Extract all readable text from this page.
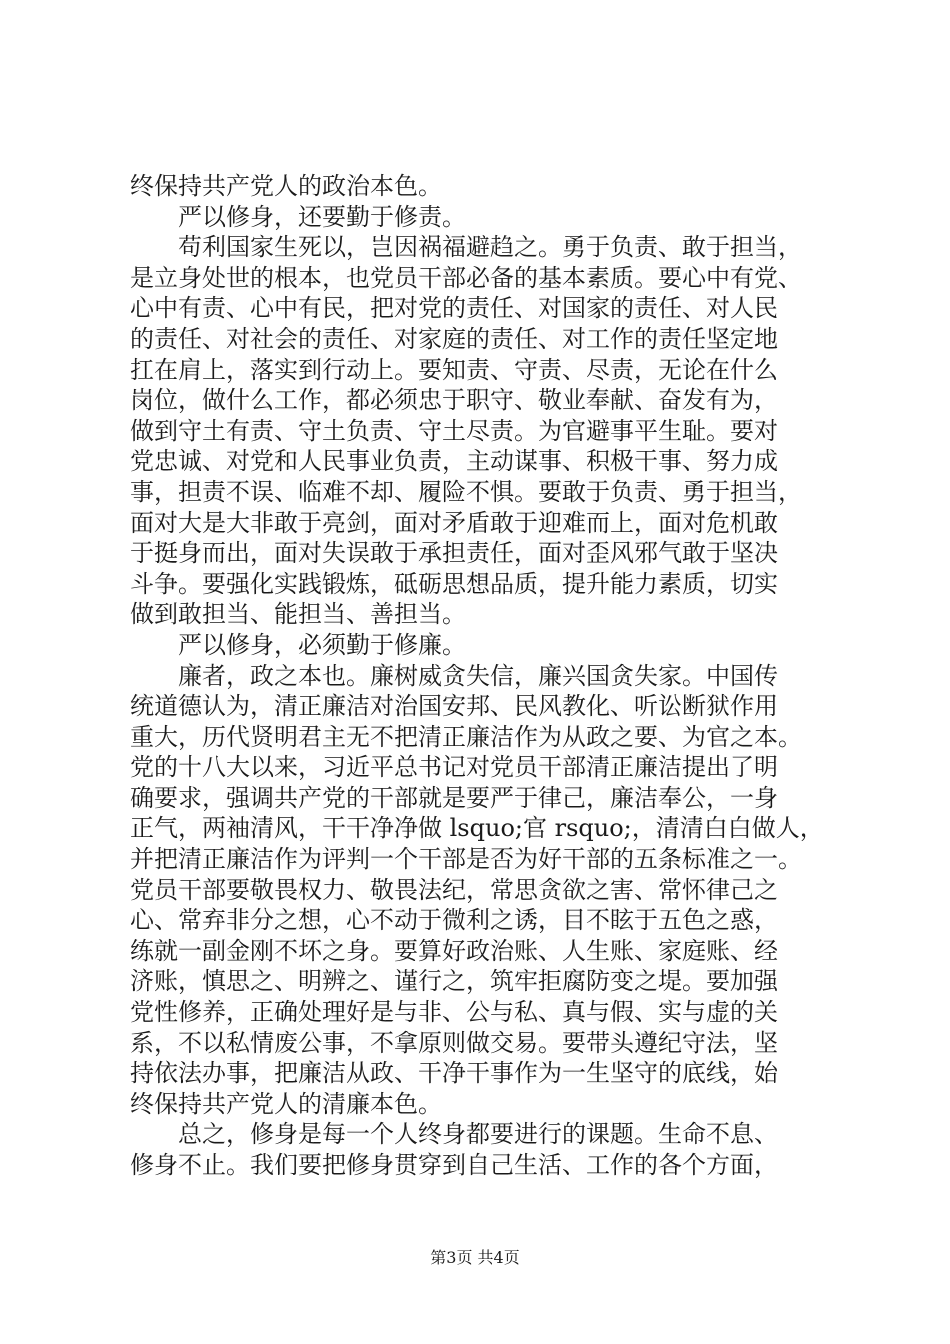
终保持共产党人的政治本色。
　　严以修身，还要勤于修责。
　　苟利国家生死以，岂因祸福避趋之。勇于负责、敢于担当，
是立身处世的根本，也党员干部必备的基本素质。要心中有党、
心中有责、心中有民，把对党的责任、对国家的责任、对人民
的责任、对社会的责任、对家庭的责任、对工作的责任坚定地
扛在肩上，落实到行动上。要知责、守责、尽责，无论在什么
岗位，做什么工作，都必须忠于职守、敬业奉献、奋发有为，
做到守土有责、守土负责、守土尽责。为官避事平生耻。要对
党忠诚、对党和人民事业负责，主动谋事、积极干事、努力成
事，担责不误、临难不却、履险不惧。要敢于负责、勇于担当，
面对大是大非敢于亮剑，面对矛盾敢于迎难而上，面对危机敢
于挺身而出，面对失误敢于承担责任，面对歪风邪气敢于坚决
斗争。要强化实践锻炼，砥砺思想品质，提升能力素质，切实
做到敢担当、能担当、善担当。
　　严以修身，必须勤于修廉。
　　廉者，政之本也。廉树威贪失信，廉兴国贪失家。中国传
统道德认为，清正廉洁对治国安邦、民风教化、听讼断狱作用
重大，历代贤明君主无不把清正廉洁作为从政之要、为官之本。
党的十八大以来，习近平总书记对党员干部清正廉洁提出了明
确要求，强调共产党的干部就是要严于律己，廉洁奉公，一身
正气，两袖清风，干干净净做 lsquo;官 rsquo;，清清白白做人，
并把清正廉洁作为评判一个干部是否为好干部的五条标准之一。
党员干部要敬畏权力、敬畏法纪，常思贪欲之害、常怀律己之
心、常弃非分之想，心不动于微利之诱，目不眩于五色之惑，
练就一副金刚不坏之身。要算好政治账、人生账、家庭账、经
济账，慎思之、明辨之、谨行之，筑牢拒腐防变之堤。要加强
党性修养，正确处理好是与非、公与私、真与假、实与虚的关
系，不以私情废公事，不拿原则做交易。要带头遵纪守法，坚
持依法办事，把廉洁从政、干净干事作为一生坚守的底线，始
终保持共产党人的清廉本色。
　　总之，修身是每一个人终身都要进行的课题。生命不息、
修身不止。我们要把修身贯穿到自己生活、工作的各个方面，
第3页 共4页
